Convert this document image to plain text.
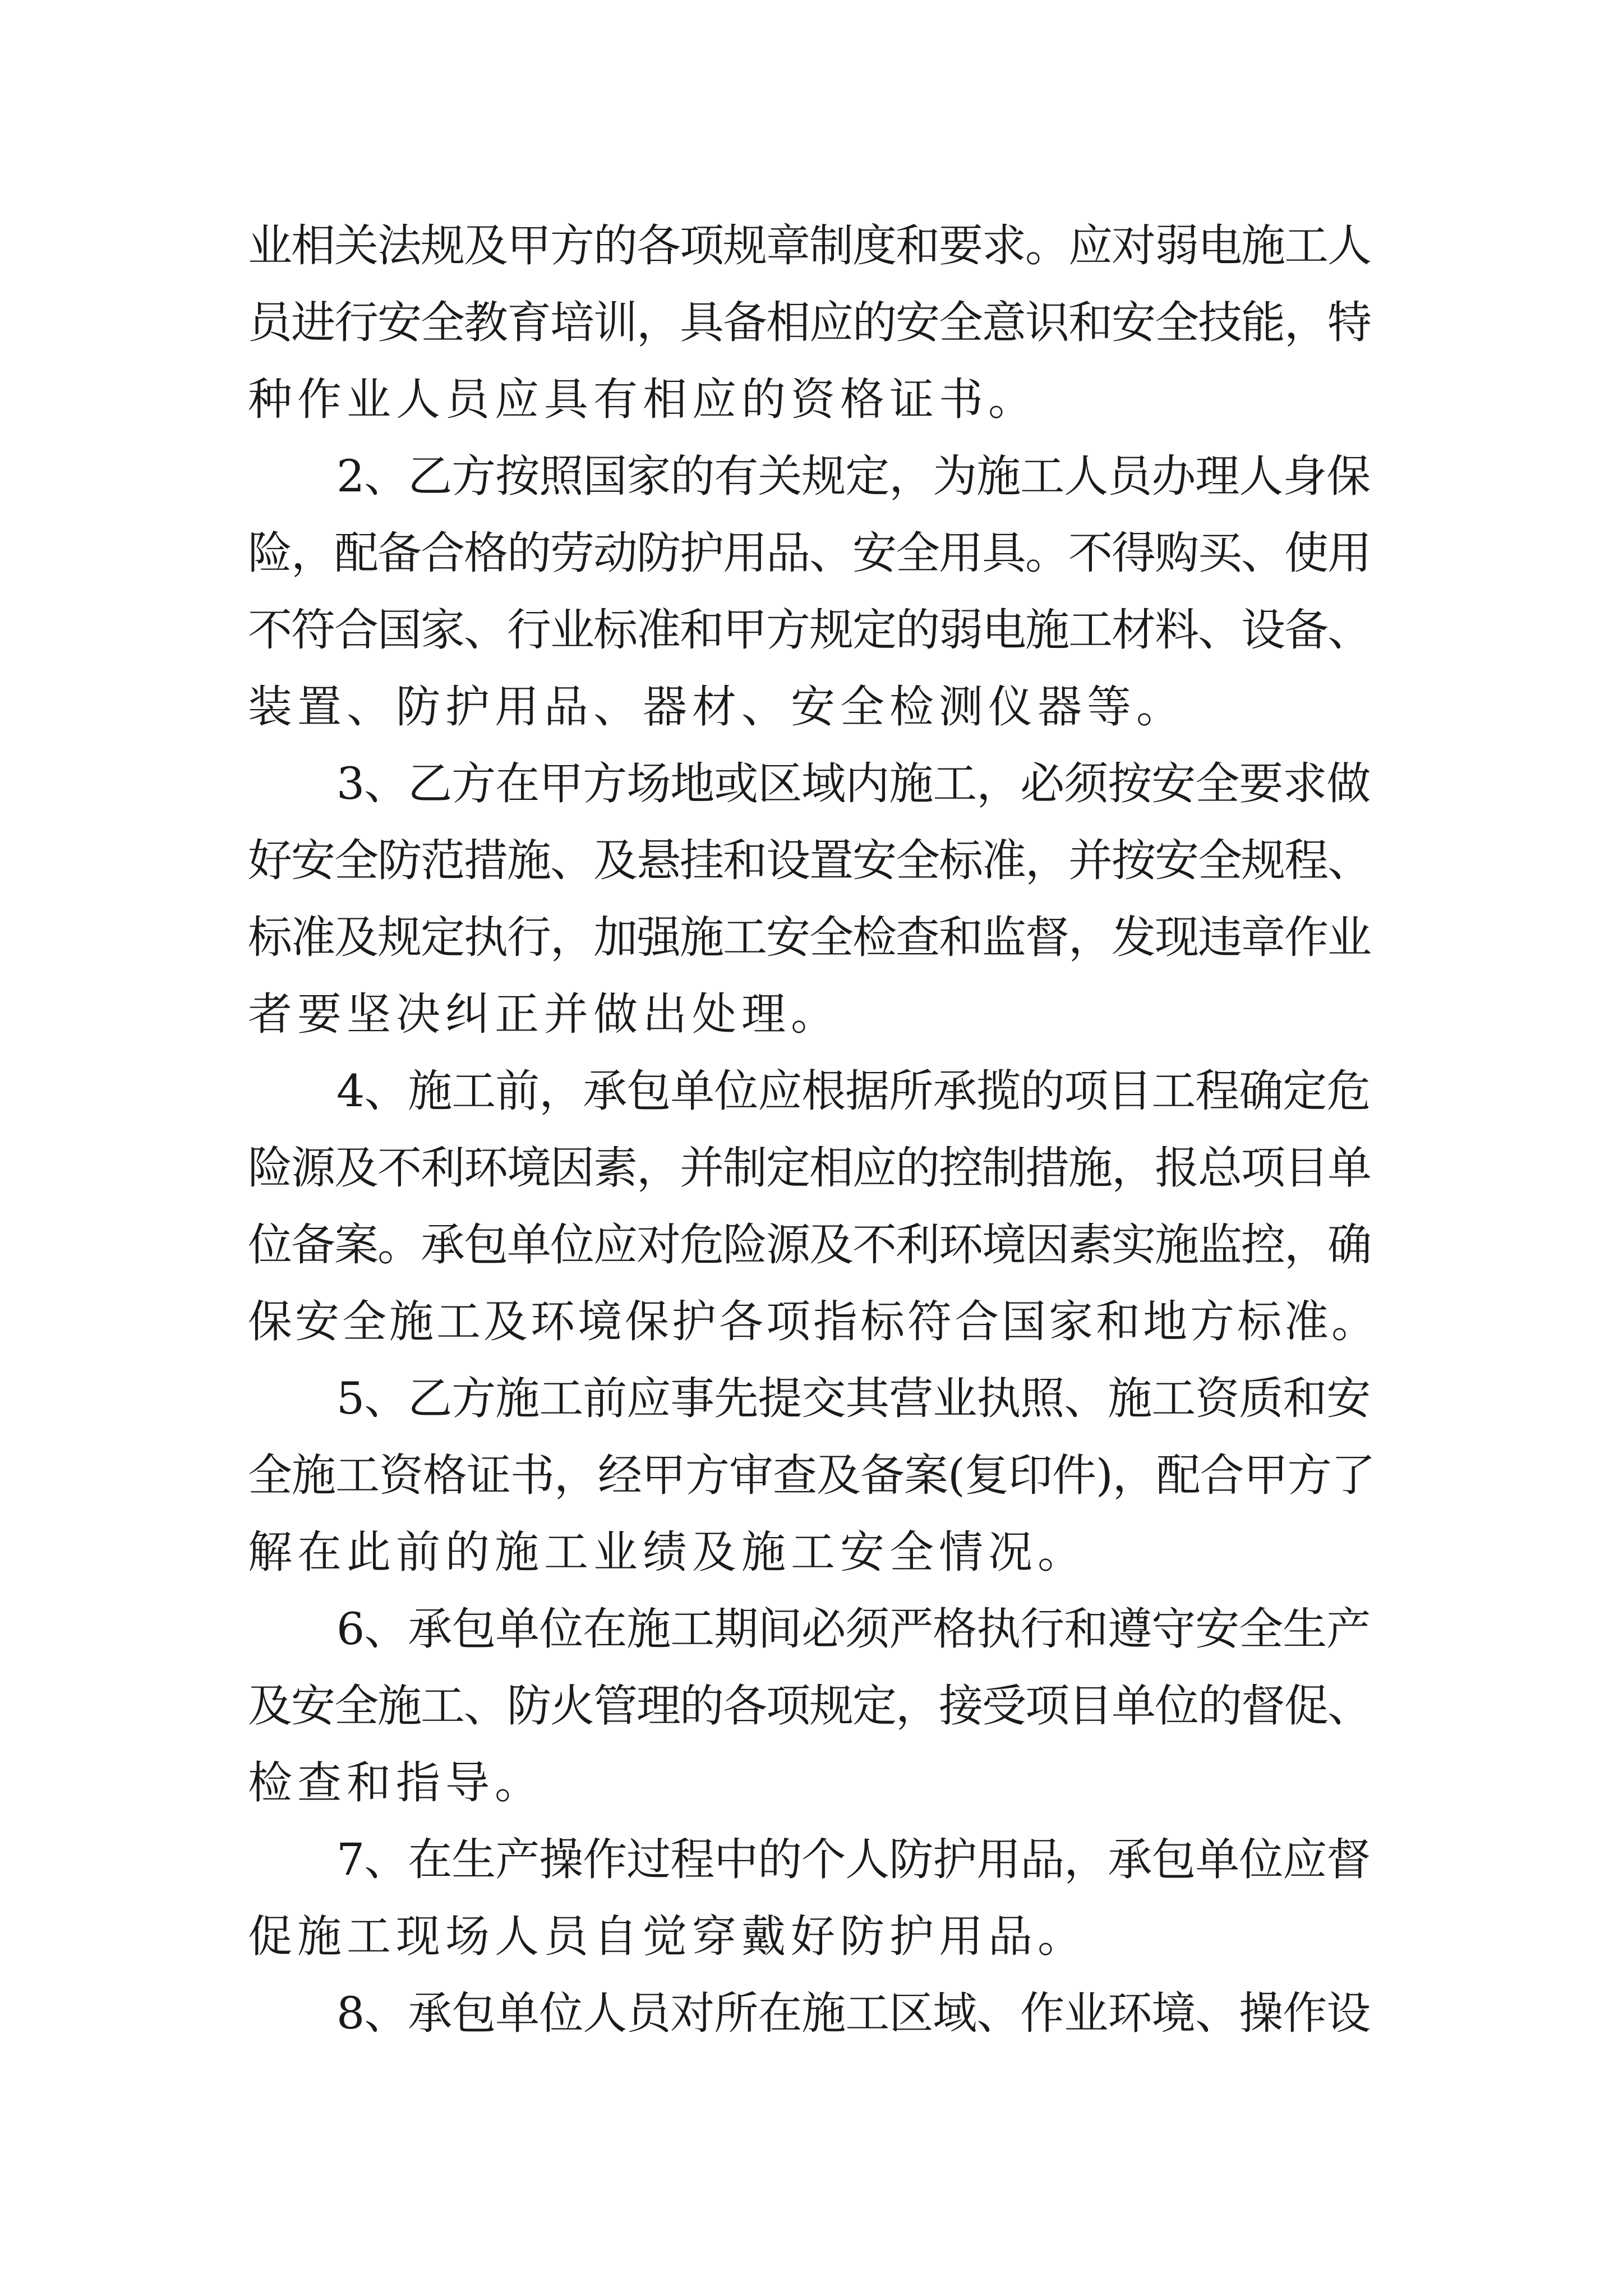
业相关法规及甲方的各项规章制度和要求。应对弱电施工人
员进行安全教育培训，具备相应的安全意识和安全技能，特
种作业人员应具有相应的资格证书。
2、乙方按照国家的有关规定，为施工人员办理人身保
险，配备合格的劳动防护用品、安全用具。不得购买、使用
不符合国家、行业标准和甲方规定的弱电施工材料、设备、
装置、防护用品、器材、安全检测仪器等。
3、乙方在甲方场地或区域内施工，必须按安全要求做
好安全防范措施、及悬挂和设置安全标准，并按安全规程、
标准及规定执行，加强施工安全检查和监督，发现违章作业
者要坚决纠正并做出处理。
4、施工前，承包单位应根据所承揽的项目工程确定危
险源及不利环境因素，并制定相应的控制措施，报总项目单
位备案。承包单位应对危险源及不利环境因素实施监控，确
保安全施工及环境保护各项指标符合国家和地方标准。
5、乙方施工前应事先提交其营业执照、施工资质和安
全施工资格证书，经甲方审查及备案(复印件)，配合甲方了
解在此前的施工业绩及施工安全情况。
6、承包单位在施工期间必须严格执行和遵守安全生产
及安全施工、防火管理的各项规定，接受项目单位的督促、
检查和指导。
7、在生产操作过程中的个人防护用品，承包单位应督
促施工现场人员自觉穿戴好防护用品。
8、承包单位人员对所在施工区域、作业环境、操作设
